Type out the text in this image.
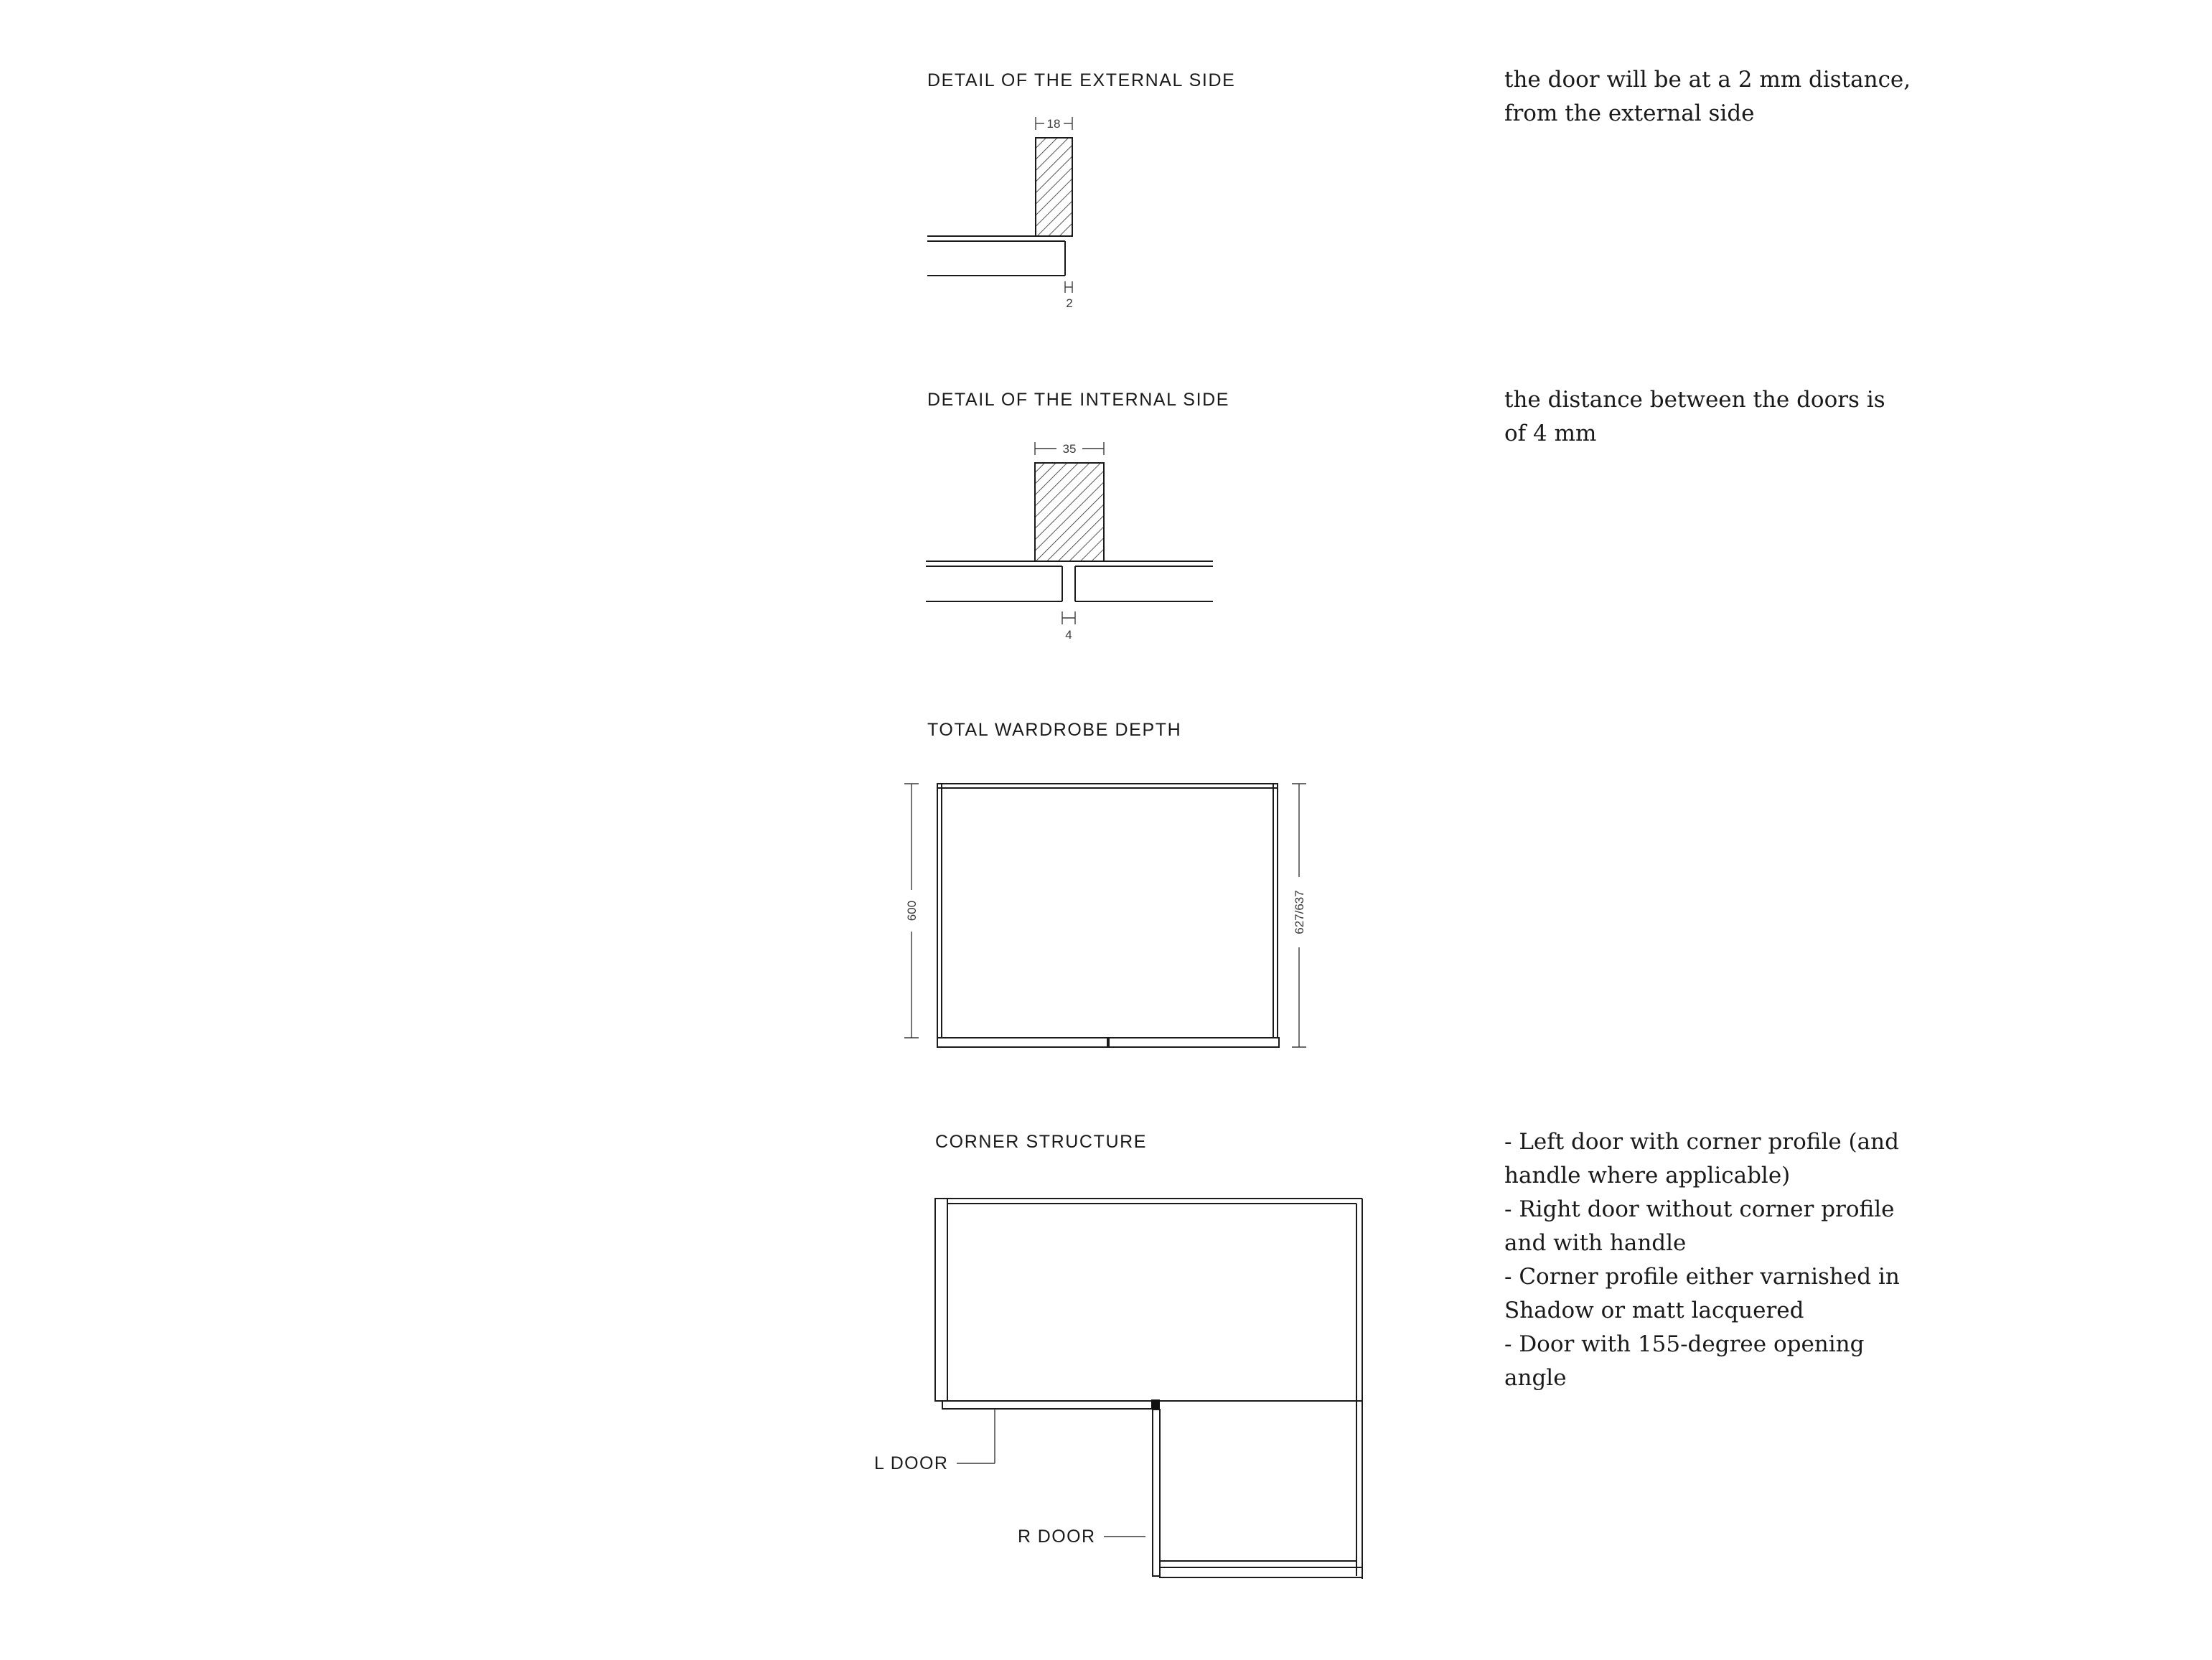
DETAIL OF THE EXTERNAL SIDE
18
2
DETAIL OF THE INTERNAL SIDE
35
4
TOTAL WARDROBE DEPTH
600	627/637
CORNER STRUCTURE
L DOOR
R DOOR

the door will be at a 2 mm distance,
from the external side

the distance between the doors is
of 4 mm

- Left door with corner profile (and
handle where applicable)
- Right door without corner profile
and with handle
- Corner profile either varnished in
Shadow or matt lacquered
- Door with 155-degree opening
angle
